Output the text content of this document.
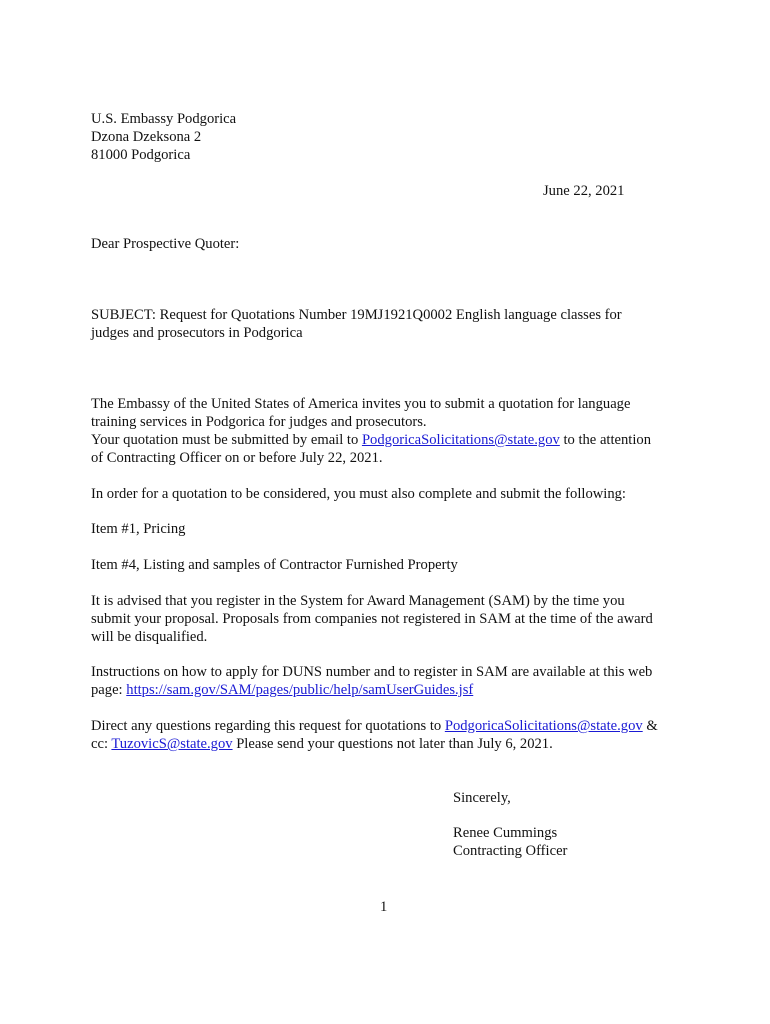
U.S. Embassy Podgorica
Dzona Dzeksona 2
81000 Podgorica
June 22, 2021
Dear Prospective Quoter:
SUBJECT: Request for Quotations Number 19MJ1921Q0002 English language classes for
judges and prosecutors in Podgorica
The Embassy of the United States of America invites you to submit a quotation for language
training services in Podgorica for judges and prosecutors.
Your quotation must be submitted by email to PodgoricaSolicitations@state.gov to the attention
of Contracting Officer on or before July 22, 2021.
In order for a quotation to be considered, you must also complete and submit the following:
Item #1, Pricing
Item #4, Listing and samples of Contractor Furnished Property
It is advised that you register in the System for Award Management (SAM) by the time you
submit your proposal. Proposals from companies not registered in SAM at the time of the award
will be disqualified.
Instructions on how to apply for DUNS number and to register in SAM are available at this web
page: https://sam.gov/SAM/pages/public/help/samUserGuides.jsf
Direct any questions regarding this request for quotations to PodgoricaSolicitations@state.gov &
cc: TuzovicS@state.gov Please send your questions not later than July 6, 2021.
Sincerely,
Renee Cummings
Contracting Officer
1
